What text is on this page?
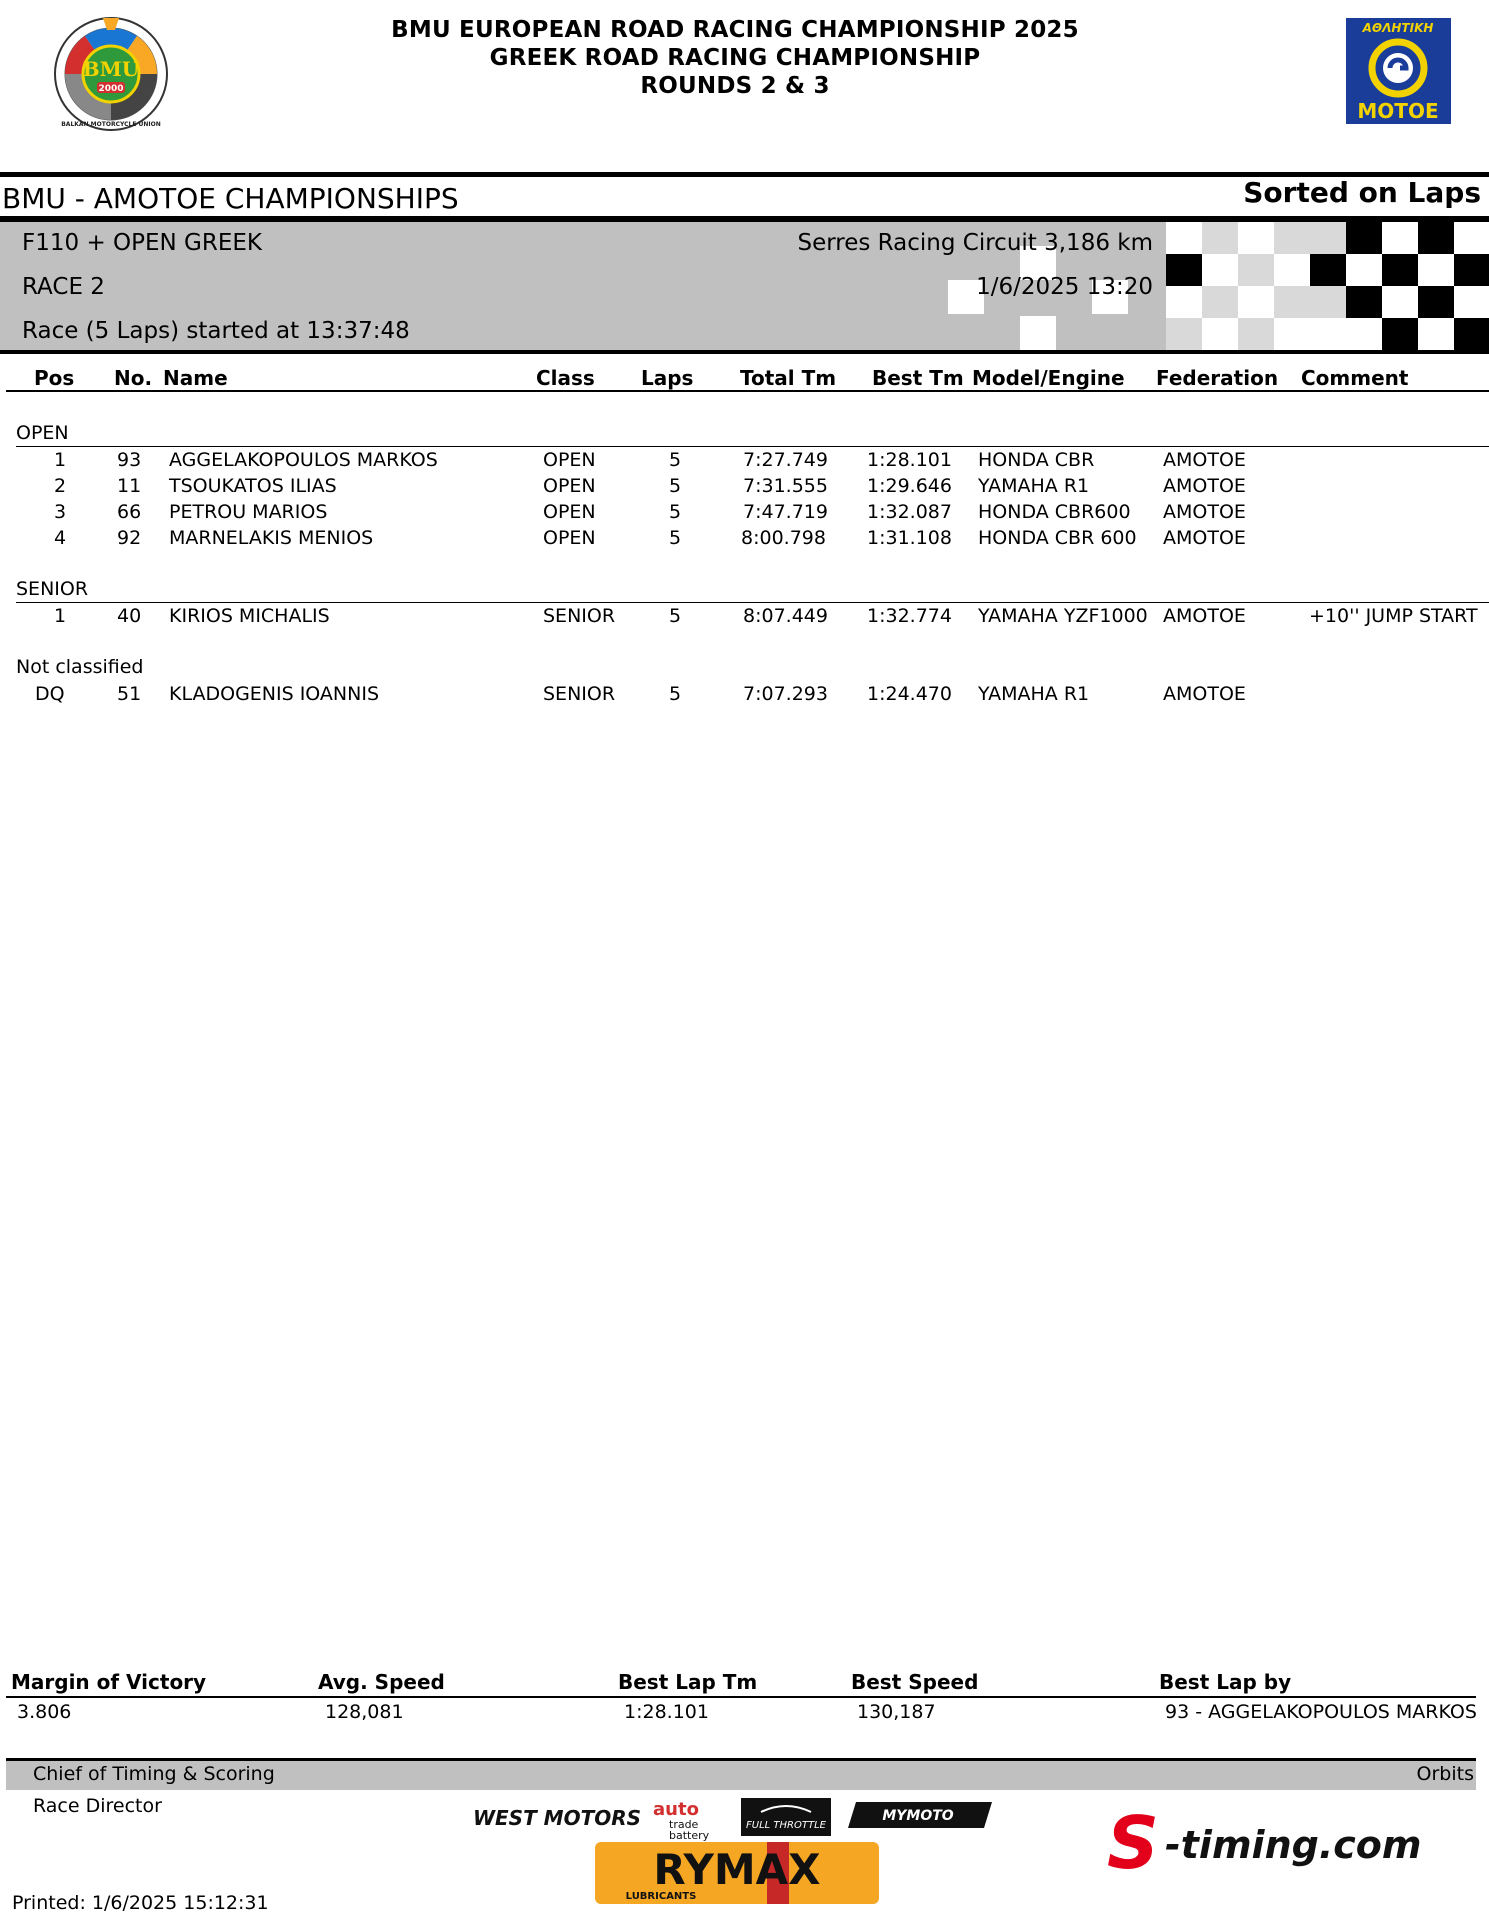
BMU
2000
BALKAN MOTORCYCLE UNION
BMU EUROPEAN ROAD RACING CHAMPIONSHIP 2025
GREEK ROAD RACING CHAMPIONSHIP
ROUNDS 2 & 3
ΑΘΛΗΤΙΚΗ
MOTOE
BMU - AMOTOE CHAMPIONSHIPS	Sorted on Laps
F110 + OPEN GREEK
RACE 2
Race (5 Laps) started at 13:37:48
Serres Racing Circuit 3,186 km
1/6/2025 13:20
Pos No. Name	Class Laps Total Tm Best Tm Model/Engine Federation Comment
OPEN
1	93 AGGELAKOPOULOS MARKOS	OPEN	5	7:27.749 1:28.101 HONDA CBR	AMOTOE
2	11 TSOUKATOS ILIAS	OPEN	5	7:31.555 1:29.646 YAMAHA R1	AMOTOE
3	66 PETROU MARIOS	OPEN	5	7:47.719 1:32.087 HONDA CBR600 AMOTOE
4	92 MARNELAKIS MENIOS	OPEN	5	8:00.798 1:31.108 HONDA CBR 600 AMOTOE
SENIOR
1	40 KIRIOS MICHALIS	SENIOR	5	8:07.449 1:32.774 YAMAHA YZF1000 AMOTOE	+10'' JUMP START
Not classified
DQ	51 KLADOGENIS IOANNIS	SENIOR	5	7:07.293 1:24.470 YAMAHA R1	AMOTOE
Margin of Victory	Avg. Speed	Best Lap Tm	Best Speed	Best Lap by
3.806	128,081	1:28.101	130,187	93 - AGGELAKOPOULOS MARKOS
Chief of Timing & Scoring	Orbits
Race Director
Printed: 1/6/2025 15:12:31
WEST MOTORS auto
trade
battery
FULL THROTTLE
MYMOTO
RYMAX
LUBRICANTS
S -timing.com
